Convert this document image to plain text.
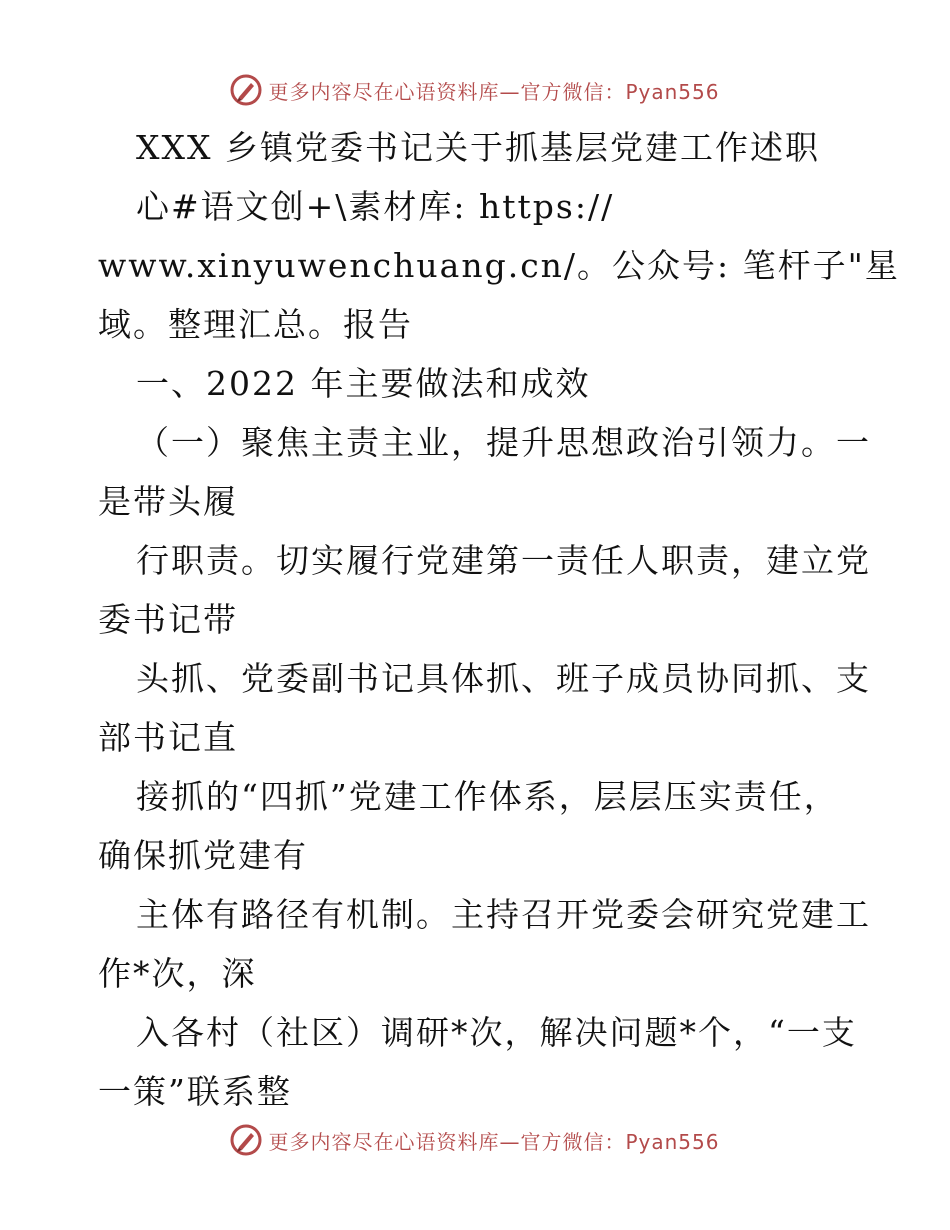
更多内容尽在心语资料库—官方微信：Pyan556
XXX 乡镇党委书记关于抓基层党建工作述职
心#语文创+\素材库: https://
www.xinyuwenchuang.cn/。公众号: 笔杆子"星
域。整理汇总。报告
一、2022 年主要做法和成效
（一）聚焦主责主业，提升思想政治引领力。一
是带头履
行职责。切实履行党建第一责任人职责，建立党
委书记带
头抓、党委副书记具体抓、班子成员协同抓、支
部书记直
接抓的“四抓”党建工作体系，层层压实责任，
确保抓党建有
主体有路径有机制。主持召开党委会研究党建工
作*次，深
入各村（社区）调研*次，解决问题*个，“一支
一策”联系整
更多内容尽在心语资料库—官方微信：Pyan556
